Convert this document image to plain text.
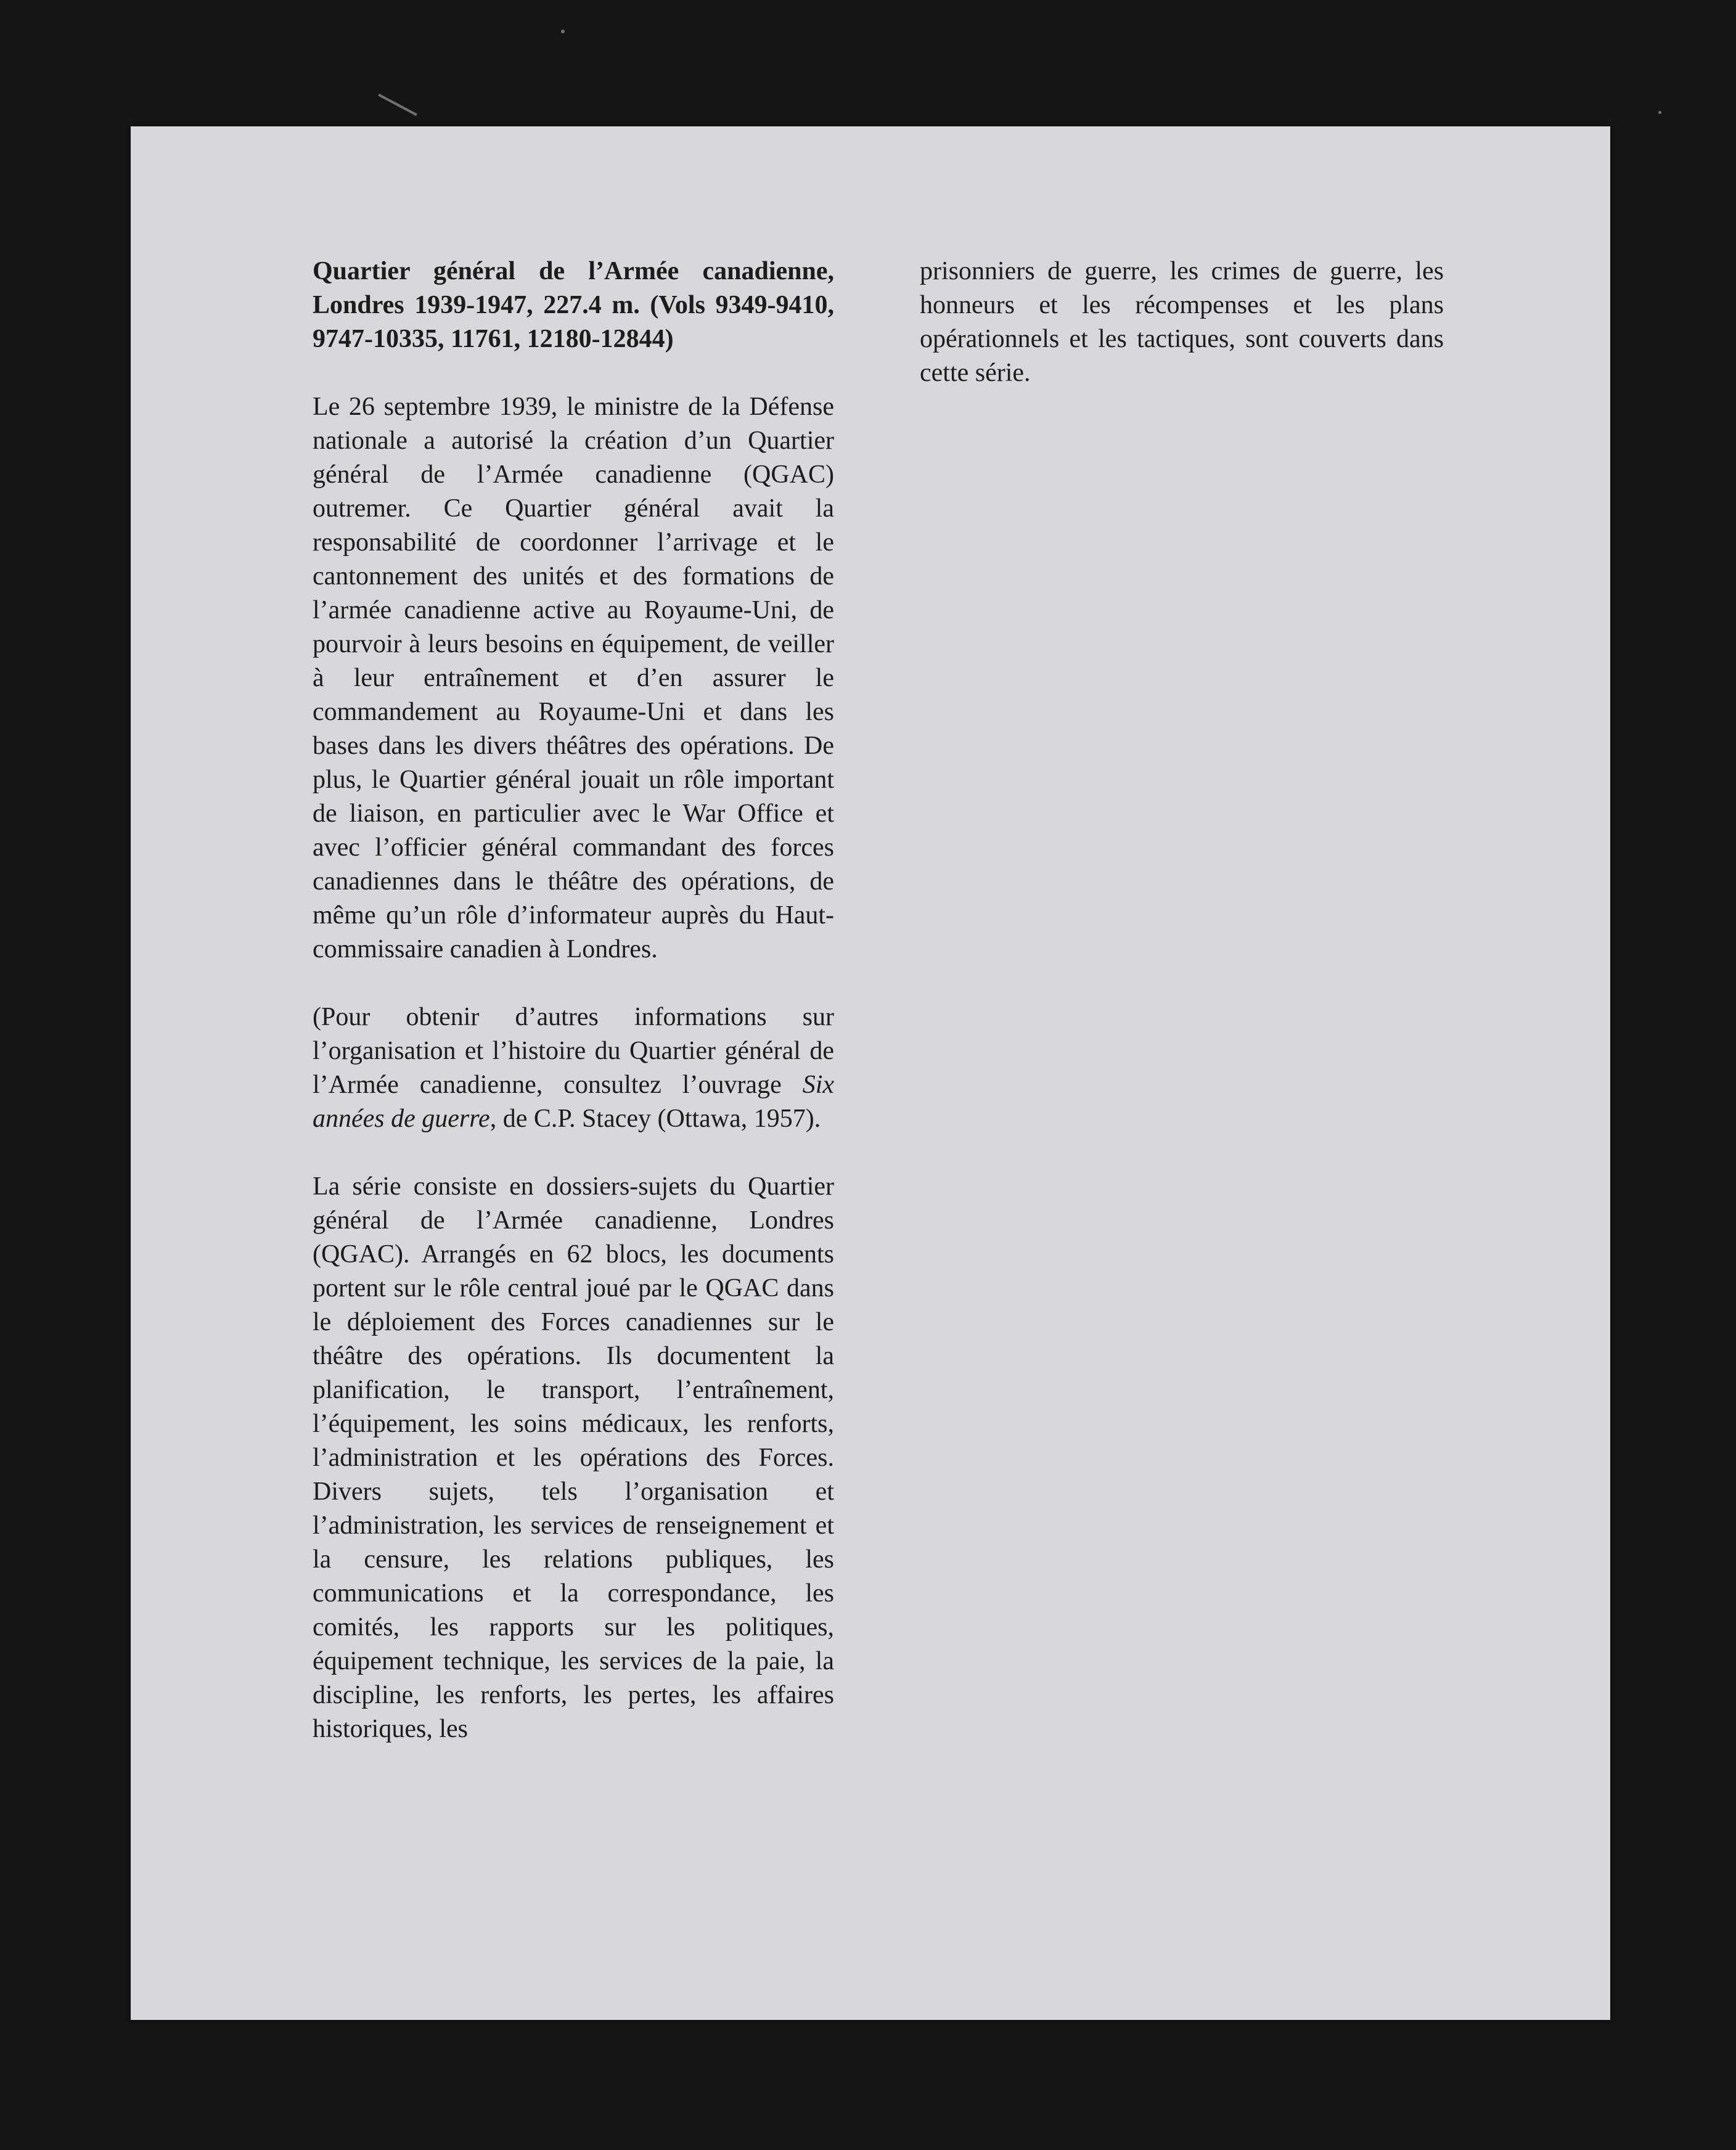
Quartier général de l’Armée canadienne, Londres 1939-1947, 227.4 m. (Vols 9349-9410, 9747-10335, 11761, 12180-12844)

Le 26 septembre 1939, le ministre de la Défense nationale a autorisé la création d’un Quartier général de l’Armée canadienne (QGAC) outremer. Ce Quartier général avait la responsabilité de coordonner l’arrivage et le cantonnement des unités et des formations de l’armée canadienne active au Royaume-Uni, de pourvoir à leurs besoins en équipement, de veiller à leur entraînement et d’en assurer le commandement au Royaume-Uni et dans les bases dans les divers théâtres des opérations. De plus, le Quartier général jouait un rôle important de liaison, en particulier avec le War Office et avec l’officier général commandant des forces canadiennes dans le théâtre des opérations, de même qu’un rôle d’informateur auprès du Haut-commissaire canadien à Londres.

(Pour obtenir d’autres informations sur l’organisation et l’histoire du Quartier général de l’Armée canadienne, consultez l’ouvrage Six années de guerre, de C.P. Stacey (Ottawa, 1957).

La série consiste en dossiers-sujets du Quartier général de l’Armée canadienne, Londres (QGAC). Arrangés en 62 blocs, les documents portent sur le rôle central joué par le QGAC dans le déploiement des Forces canadiennes sur le théâtre des opérations. Ils documentent la planification, le transport, l’entraînement, l’équipement, les soins médicaux, les renforts, l’administration et les opérations des Forces. Divers sujets, tels l’organisation et l’administration, les services de renseignement et la censure, les relations publiques, les communications et la correspondance, les comités, les rapports sur les politiques, équipement technique, les services de la paie, la discipline, les renforts, les pertes, les affaires historiques, les

prisonniers de guerre, les crimes de guerre, les honneurs et les récompenses et les plans opérationnels et les tactiques, sont couverts dans cette série.
